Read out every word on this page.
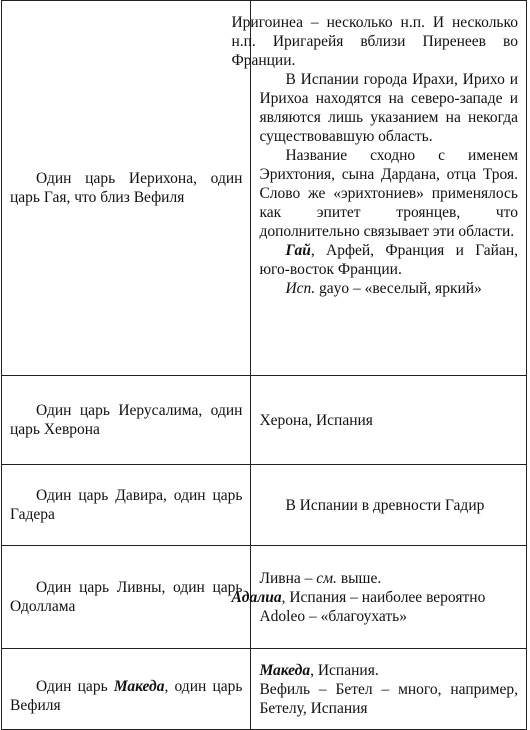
Один царь Иерихона, один царь Гая, что близ Вефиля	Иригоинеа – несколько н.п. И несколько н.п. Иригарейя вблизи Пиренеев во Франции.

В Испании города Ирахи, Ирихо и Ирихоа находятся на северо-западе и являются лишь указанием на некогда существовавшую область.

Название сходно с именем Эрихтония, сына Дардана, отца Троя. Слово же «эрихтониев» применялось как эпитет троянцев, что дополнительно связывает эти области.

Гай, Арфей, Франция и Гайан, юго-восток Франции.

Исп. gayo – «веселый, яркий»

Один царь Иерусалима, один царь Хеврона	Херона, Испания

Один царь Давира, один царь Гадера	В Испании в древности Гадир

Один царь Ливны, один царь Одоллама	Ливна – см. выше.

Адалиа, Испания – наиболее вероятно

Adoleo – «благоухать»

Один царь Македа, один царь Вефиля	Македа, Испания.

Вефиль – Бетел – много, например, Бетелу, Испания
